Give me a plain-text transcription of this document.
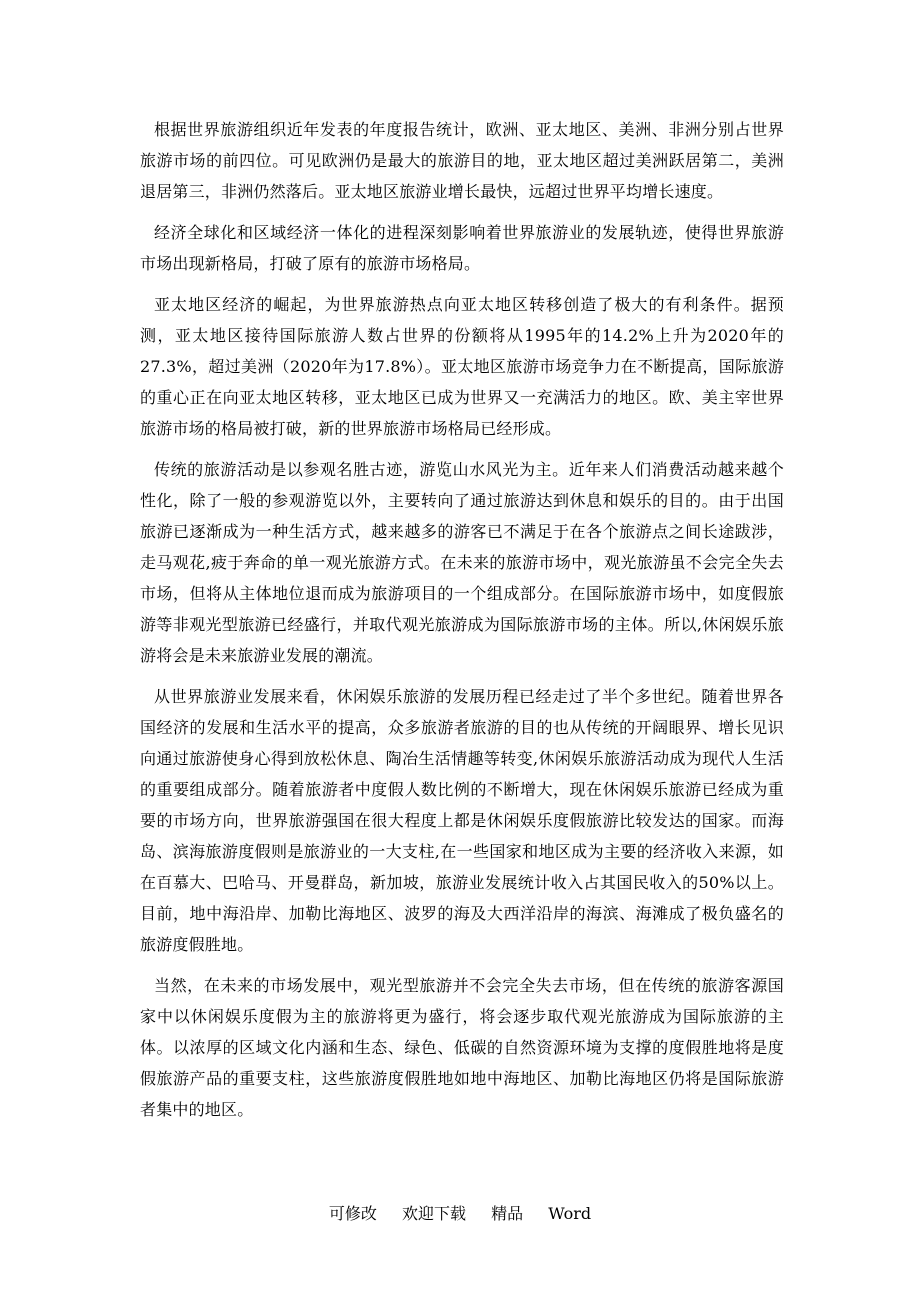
根据世界旅游组织近年发表的年度报告统计，欧洲、亚太地区、美洲、非洲分别占世界旅游市场的前四位。可见欧洲仍是最大的旅游目的地，亚太地区超过美洲跃居第二，美洲退居第三，非洲仍然落后。亚太地区旅游业增长最快，远超过世界平均增长速度。

经济全球化和区域经济一体化的进程深刻影响着世界旅游业的发展轨迹，使得世界旅游市场出现新格局，打破了原有的旅游市场格局。

亚太地区经济的崛起，为世界旅游热点向亚太地区转移创造了极大的有利条件。据预测，亚太地区接待国际旅游人数占世界的份额将从1995年的14.2%上升为2020年的27.3%，超过美洲（2020年为17.8%）。亚太地区旅游市场竞争力在不断提高，国际旅游的重心正在向亚太地区转移，亚太地区已成为世界又一充满活力的地区。欧、美主宰世界旅游市场的格局被打破，新的世界旅游市场格局已经形成。

传统的旅游活动是以参观名胜古迹，游览山水风光为主。近年来人们消费活动越来越个性化，除了一般的参观游览以外，主要转向了通过旅游达到休息和娱乐的目的。由于出国旅游已逐渐成为一种生活方式，越来越多的游客已不满足于在各个旅游点之间长途跋涉，走马观花,疲于奔命的单一观光旅游方式。在未来的旅游市场中，观光旅游虽不会完全失去市场，但将从主体地位退而成为旅游项目的一个组成部分。在国际旅游市场中，如度假旅游等非观光型旅游已经盛行，并取代观光旅游成为国际旅游市场的主体。所以,休闲娱乐旅游将会是未来旅游业发展的潮流。

从世界旅游业发展来看，休闲娱乐旅游的发展历程已经走过了半个多世纪。随着世界各国经济的发展和生活水平的提高，众多旅游者旅游的目的也从传统的开阔眼界、增长见识向通过旅游使身心得到放松休息、陶冶生活情趣等转变,休闲娱乐旅游活动成为现代人生活的重要组成部分。随着旅游者中度假人数比例的不断增大，现在休闲娱乐旅游已经成为重要的市场方向，世界旅游强国在很大程度上都是休闲娱乐度假旅游比较发达的国家。而海岛、滨海旅游度假则是旅游业的一大支柱,在一些国家和地区成为主要的经济收入来源，如在百慕大、巴哈马、开曼群岛，新加坡，旅游业发展统计收入占其国民收入的50%以上。目前，地中海沿岸、加勒比海地区、波罗的海及大西洋沿岸的海滨、海滩成了极负盛名的旅游度假胜地。

当然，在未来的市场发展中，观光型旅游并不会完全失去市场，但在传统的旅游客源国家中以休闲娱乐度假为主的旅游将更为盛行，将会逐步取代观光旅游成为国际旅游的主体。以浓厚的区域文化内涵和生态、绿色、低碳的自然资源环境为支撑的度假胜地将是度假旅游产品的重要支柱，这些旅游度假胜地如地中海地区、加勒比海地区仍将是国际旅游者集中的地区。

可修改 欢迎下载 精品 Word
